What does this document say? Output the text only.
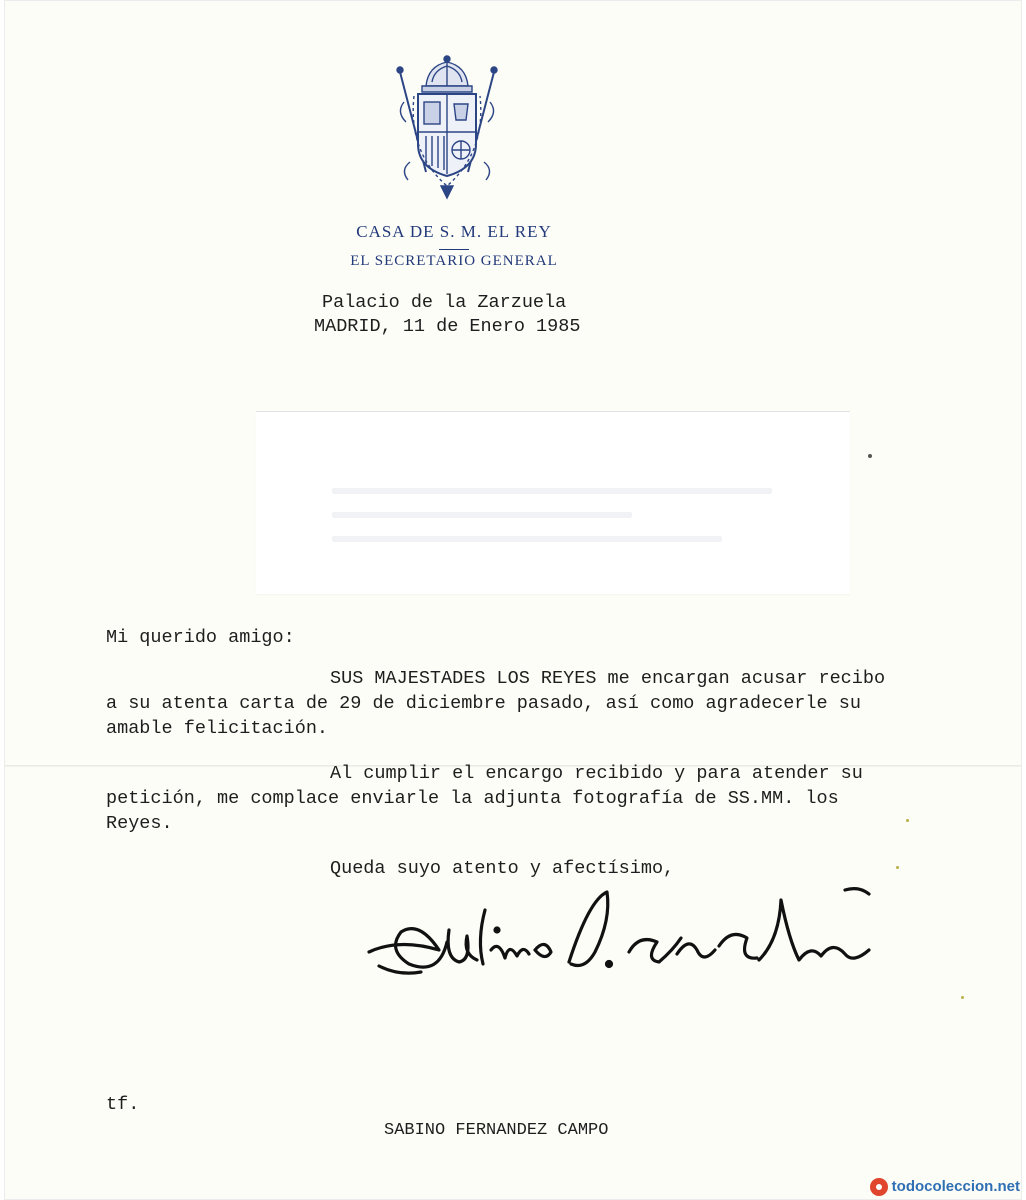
CASA DE S. M. EL REY
EL SECRETARIO GENERAL
Palacio de la Zarzuela
MADRID, 11 de Enero 1985
Mi querido amigo:
SUS MAJESTADES LOS REYES me encargan acusar recibo
a su atenta carta de 29 de diciembre pasado, así como agradecerle su
amable felicitación.
Al cumplir el encargo recibido y para atender su
petición, me complace enviarle la adjunta fotografía de SS.MM. los
Reyes.
Queda suyo atento y afectísimo,
tf.
SABINO FERNANDEZ CAMPO
todocoleccion.net
